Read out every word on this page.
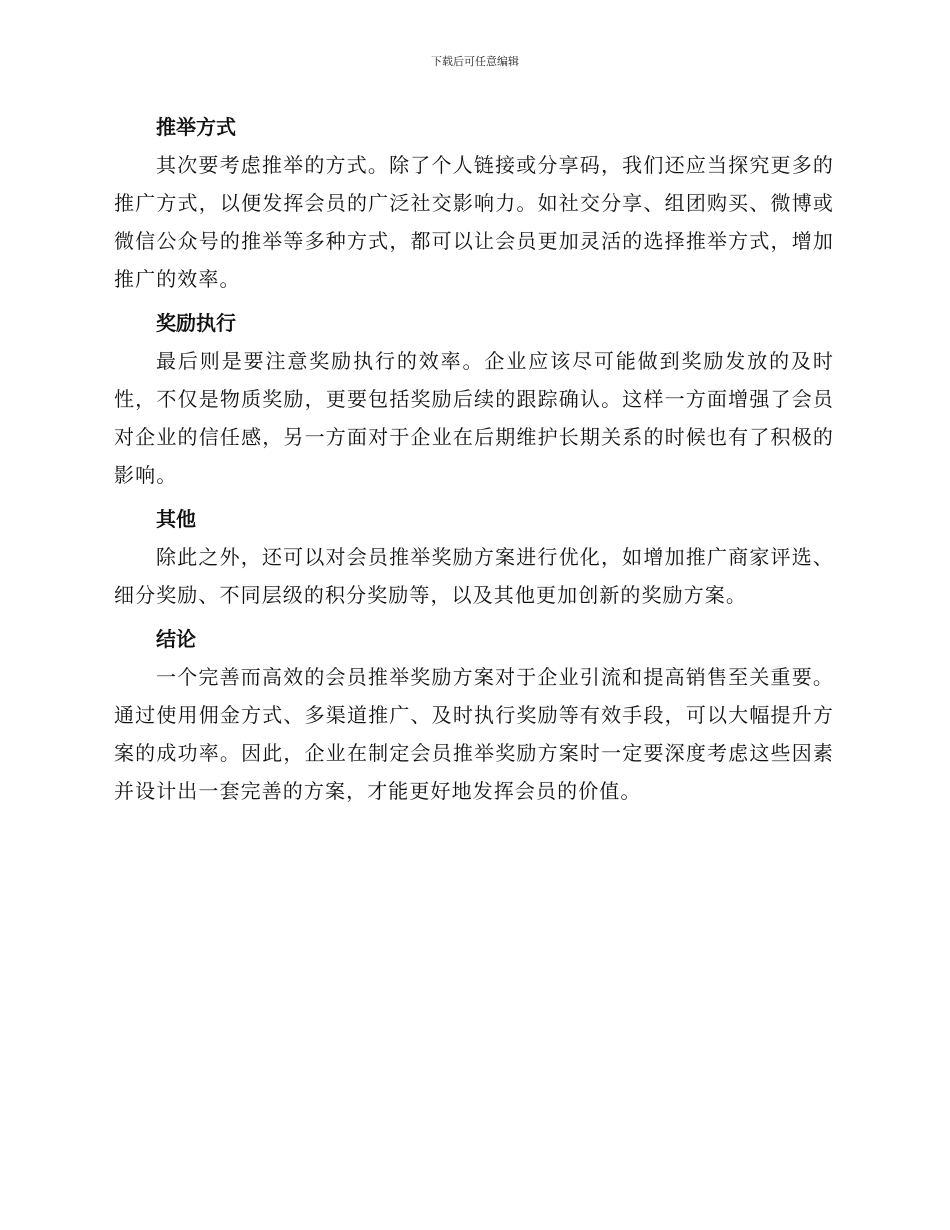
下载后可任意编辑
推举方式

其次要考虑推举的方式。除了个人链接或分享码，我们还应当探究更多的推广方式，以便发挥会员的广泛社交影响力。如社交分享、组团购买、微博或微信公众号的推举等多种方式，都可以让会员更加灵活的选择推举方式，增加推广的效率。

奖励执行

最后则是要注意奖励执行的效率。企业应该尽可能做到奖励发放的及时性，不仅是物质奖励，更要包括奖励后续的跟踪确认。这样一方面增强了会员对企业的信任感，另一方面对于企业在后期维护长期关系的时候也有了积极的影响。

其他

除此之外，还可以对会员推举奖励方案进行优化，如增加推广商家评选、细分奖励、不同层级的积分奖励等，以及其他更加创新的奖励方案。

结论

一个完善而高效的会员推举奖励方案对于企业引流和提高销售至关重要。通过使用佣金方式、多渠道推广、及时执行奖励等有效手段，可以大幅提升方案的成功率。因此，企业在制定会员推举奖励方案时一定要深度考虑这些因素并设计出一套完善的方案，才能更好地发挥会员的价值。
